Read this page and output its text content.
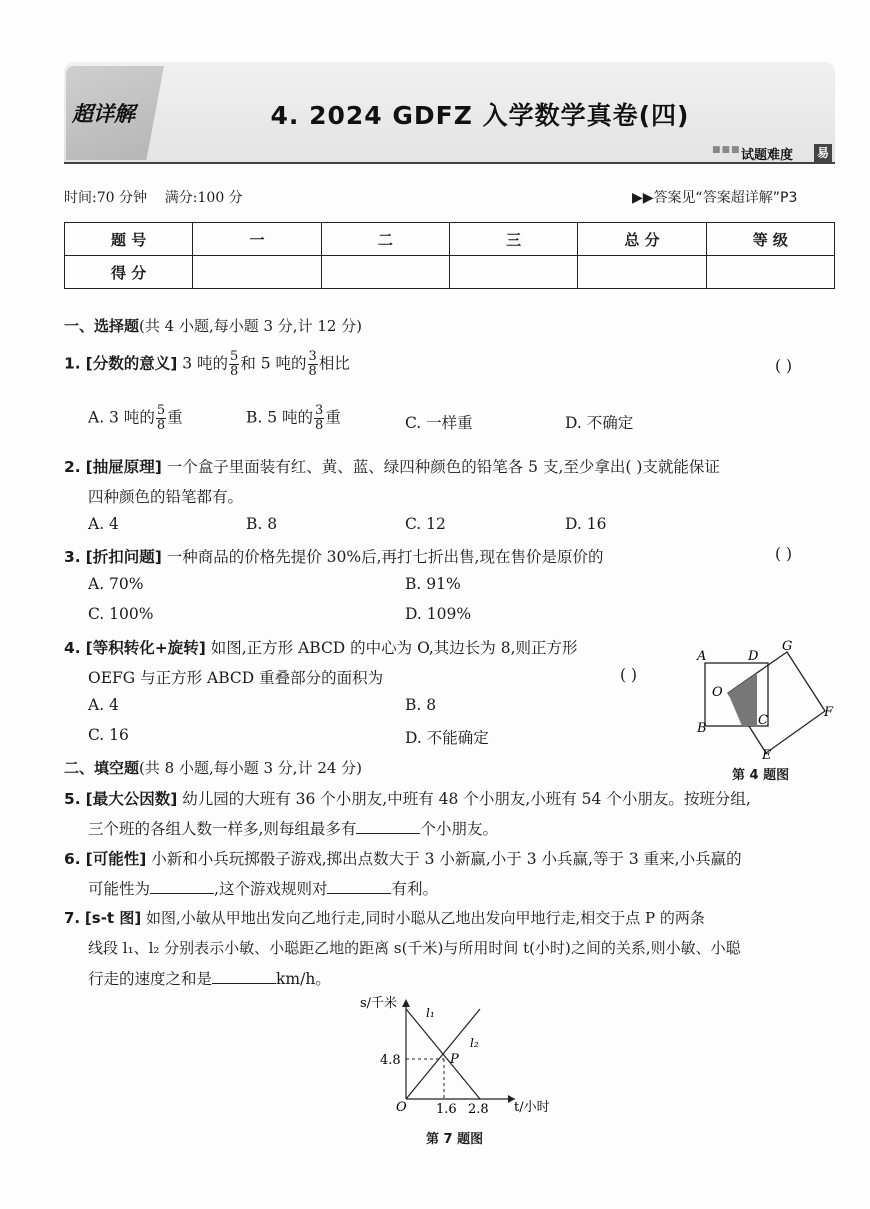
超详解	4. 2024 GDFZ 入学数学真卷(四)
■■■ 试题难度 易
时间:70 分钟 满分:100 分	▶▶答案见“答案超详解”P3
题 号	一	二	三	总 分	等 级
得 分					
一、选择题(共 4 小题,每小题 3 分,计 12 分)
1. [分数的意义] 3 吨的 $\frac{5}{8}$ 和 5 吨的 $\frac{3}{8}$ 相比	( )
A. 3 吨的 $\frac{5}{8}$ 重	B. 5 吨的 $\frac{3}{8}$ 重	C. 一样重	D. 不确定
2. [抽屉原理] 一个盒子里面装有红、黄、蓝、绿四种颜色的铅笔各 5 支,至少拿出( )支就能保证
四种颜色的铅笔都有。
A. 4	B. 8	C. 12	D. 16
3. [折扣问题] 一种商品的价格先提价 30%后,再打七折出售,现在售价是原价的	( )
A. 70%	B. 91%
C. 100%	D. 109%
4. [等积转化+旋转] 如图,正方形 ABCD 的中心为 O,其边长为 8,则正方形
OEFG 与正方形 ABCD 重叠部分的面积为	( )
A. 4	B. 8
C. 16	D. 不能确定
A	D
G
O
B
C
F
E
第 4 题图
二、填空题(共 8 小题,每小题 3 分,计 24 分)
5. [最大公因数] 幼儿园的大班有 36 个小朋友,中班有 48 个小朋友,小班有 54 个小朋友。按班分组,
三个班的各组人数一样多,则每组最多有	个小朋友。
6. [可能性] 小新和小兵玩掷骰子游戏,掷出点数大于 3 小新赢,小于 3 小兵赢,等于 3 重来,小兵赢的
可能性为	,这个游戏规则对	有利。
7. [s-t 图] 如图,小敏从甲地出发向乙地行走,同时小聪从乙地出发向甲地行走,相交于点 P 的两条
线段 l₁、l₂ 分别表示小敏、小聪距乙地的距离 s(千米)与所用时间 t(小时)之间的关系,则小敏、小聪
行走的速度之和是	km/h。
s/千米
t/小时
O
4.8
1.6 2.8
l₁
l₂
P
第 7 题图
